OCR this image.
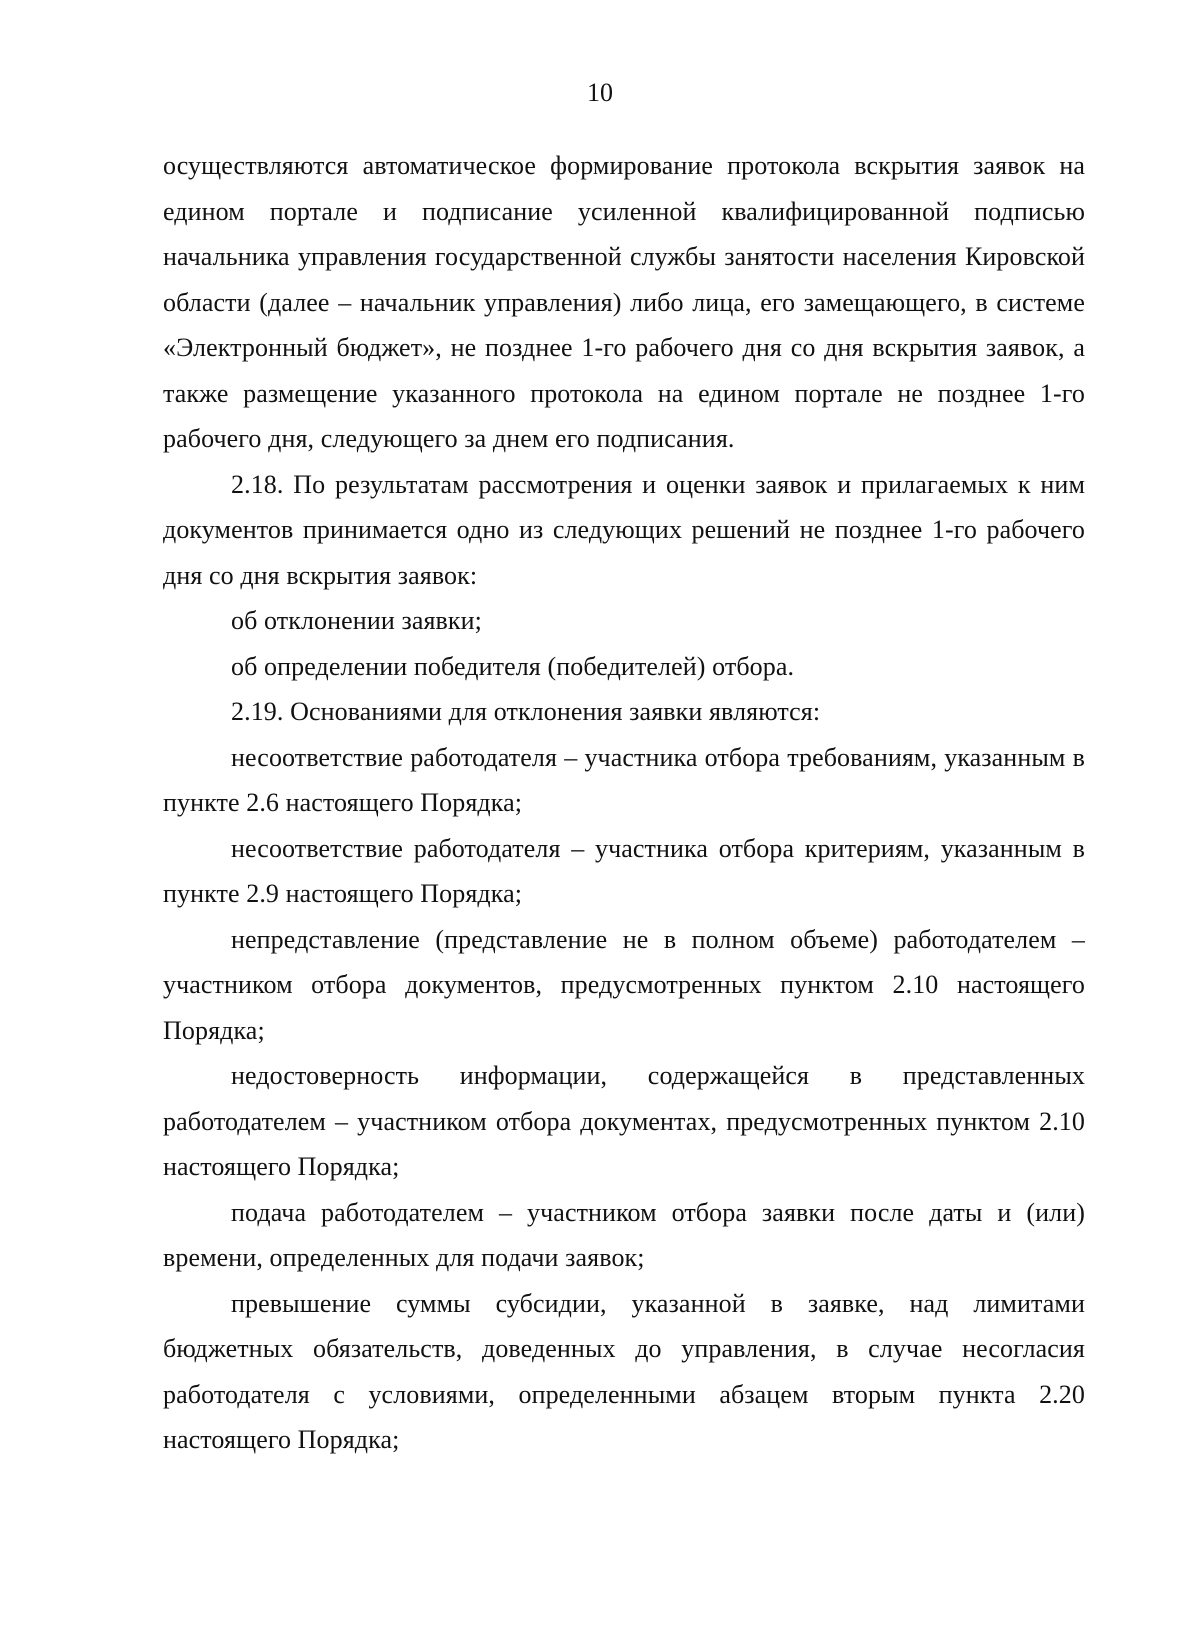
10

осуществляются автоматическое формирование протокола вскрытия заявок на едином портале и подписание усиленной квалифицированной подписью начальника управления государственной службы занятости населения Кировской области (далее – начальник управления) либо лица, его замещающего, в системе «Электронный бюджет», не позднее 1-го рабочего дня со дня вскрытия заявок, а также размещение указанного протокола на едином портале не позднее 1-го рабочего дня, следующего за днем его подписания.

2.18. По результатам рассмотрения и оценки заявок и прилагаемых к ним документов принимается одно из следующих решений не позднее 1-го рабочего дня со дня вскрытия заявок:

об отклонении заявки;

об определении победителя (победителей) отбора.

2.19. Основаниями для отклонения заявки являются:

несоответствие работодателя – участника отбора требованиям, указанным в пункте 2.6 настоящего Порядка;

несоответствие работодателя – участника отбора критериям, указанным в пункте 2.9 настоящего Порядка;

непредставление (представление не в полном объеме) работодателем – участником отбора документов, предусмотренных пунктом 2.10 настоящего Порядка;

недостоверность информации, содержащейся в представленных работодателем – участником отбора документах, предусмотренных пунктом 2.10 настоящего Порядка;

подача работодателем – участником отбора заявки после даты и (или) времени, определенных для подачи заявок;

превышение суммы субсидии, указанной в заявке, над лимитами бюджетных обязательств, доведенных до управления, в случае несогласия работодателя с условиями, определенными абзацем вторым пункта 2.20 настоящего Порядка;
